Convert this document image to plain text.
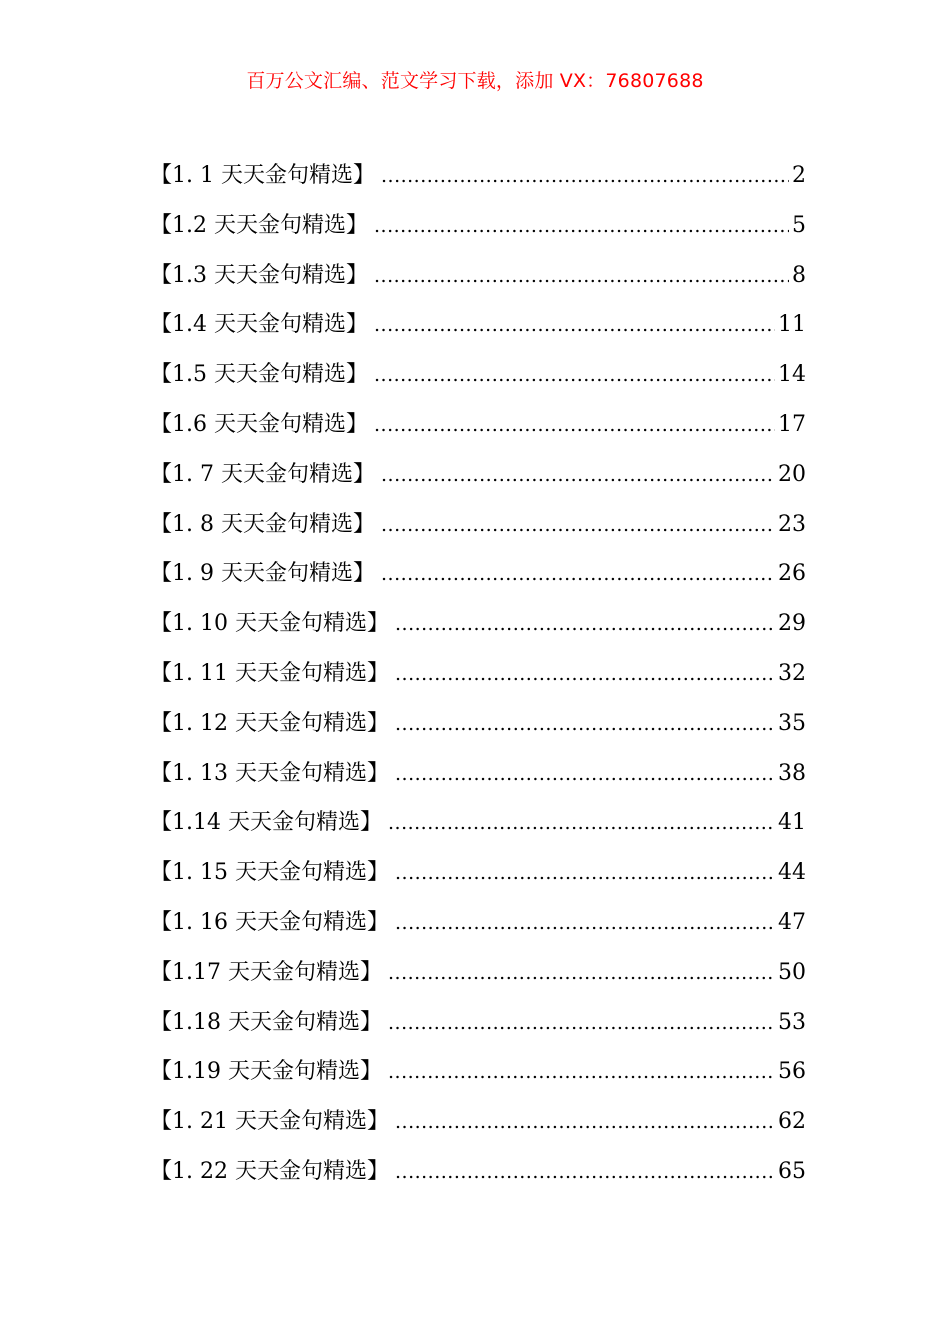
百万公文汇编、范文学习下载，添加 VX：76807688
【1. 1 天天金句精选】 .....	2
【1.2 天天金句精选】 .....	5
【1.3 天天金句精选】 .....	8
【1.4 天天金句精选】 .....	11
【1.5 天天金句精选】 .....	14
【1.6 天天金句精选】 .....	17
【1. 7 天天金句精选】 .....	20
【1. 8 天天金句精选】 .....	23
【1. 9 天天金句精选】 .....	26
【1. 10 天天金句精选】 .....	29
【1. 11 天天金句精选】 .....	32
【1. 12 天天金句精选】 .....	35
【1. 13 天天金句精选】 .....	38
【1.14 天天金句精选】 .....	41
【1. 15 天天金句精选】 .....	44
【1. 16 天天金句精选】 .....	47
【1.17 天天金句精选】 .....	50
【1.18 天天金句精选】 .....	53
【1.19 天天金句精选】 .....	56
【1. 21 天天金句精选】 .....	62
【1. 22 天天金句精选】 .....	65
